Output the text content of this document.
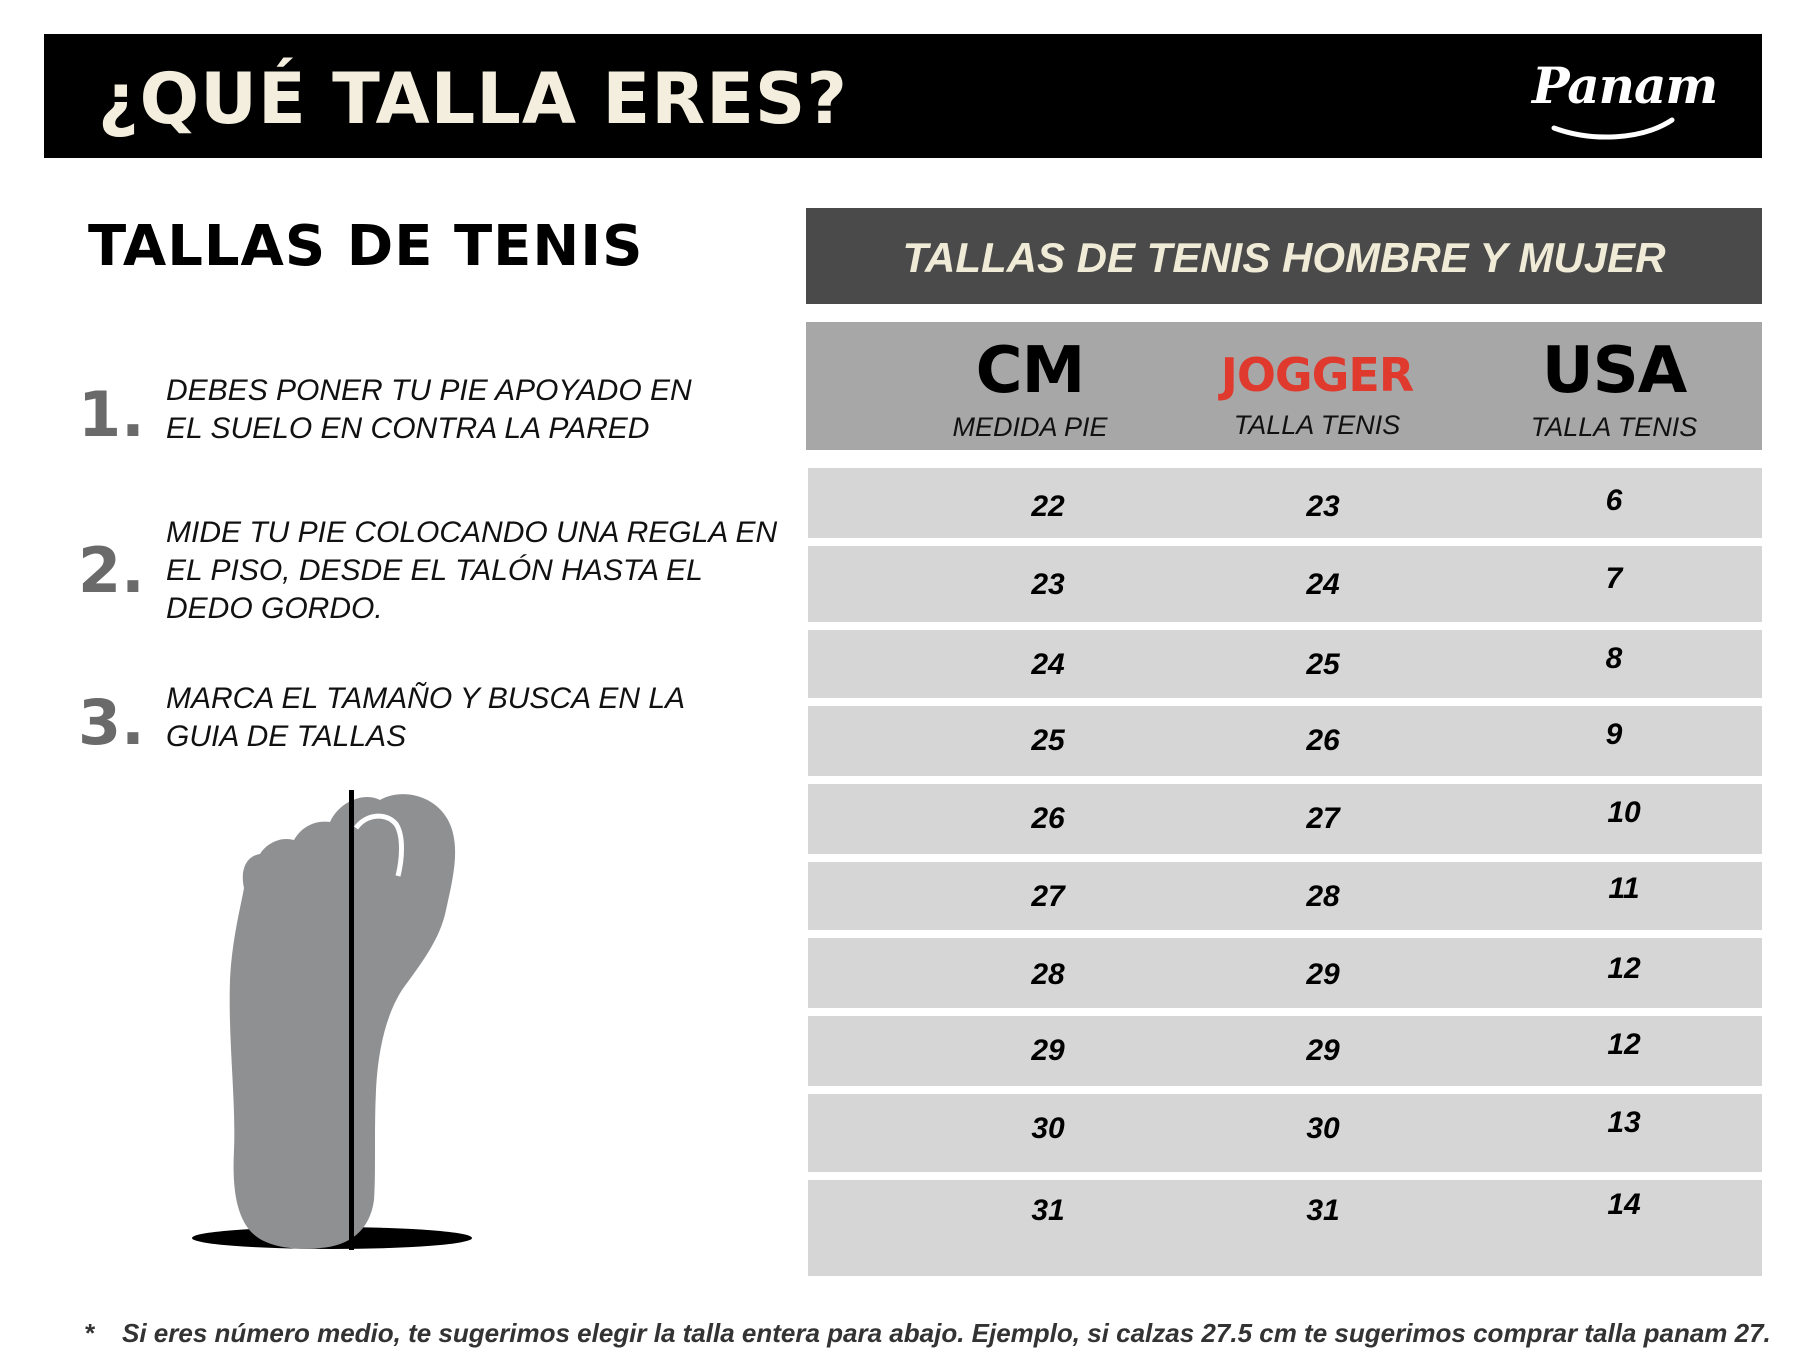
¿QUÉ TALLA ERES?	Panam
TALLAS DE TENIS
1. DEBES PONER TU PIE APOYADO EN EL SUELO EN CONTRA LA PARED
2.
MIDE TU PIE COLOCANDO UNA REGLA EN EL PISO, DESDE EL TALÓN HASTA EL DEDO GORDO.
3. MARCA EL TAMAÑO Y BUSCA EN LA GUIA DE TALLAS
TALLAS DE TENIS HOMBRE Y MUJER
CM
MEDIDA PIE
JOGGER
TALLA TENIS
USA
TALLA TENIS
22	23	6
23	24	7
24	25	8
25	26	9
26	27	10
27	28	11
28	29	12
29	29	12
30	30	13
31	31	14
* Si eres número medio, te sugerimos elegir la talla entera para abajo. Ejemplo, si calzas 27.5 cm te sugerimos comprar talla panam 27.
